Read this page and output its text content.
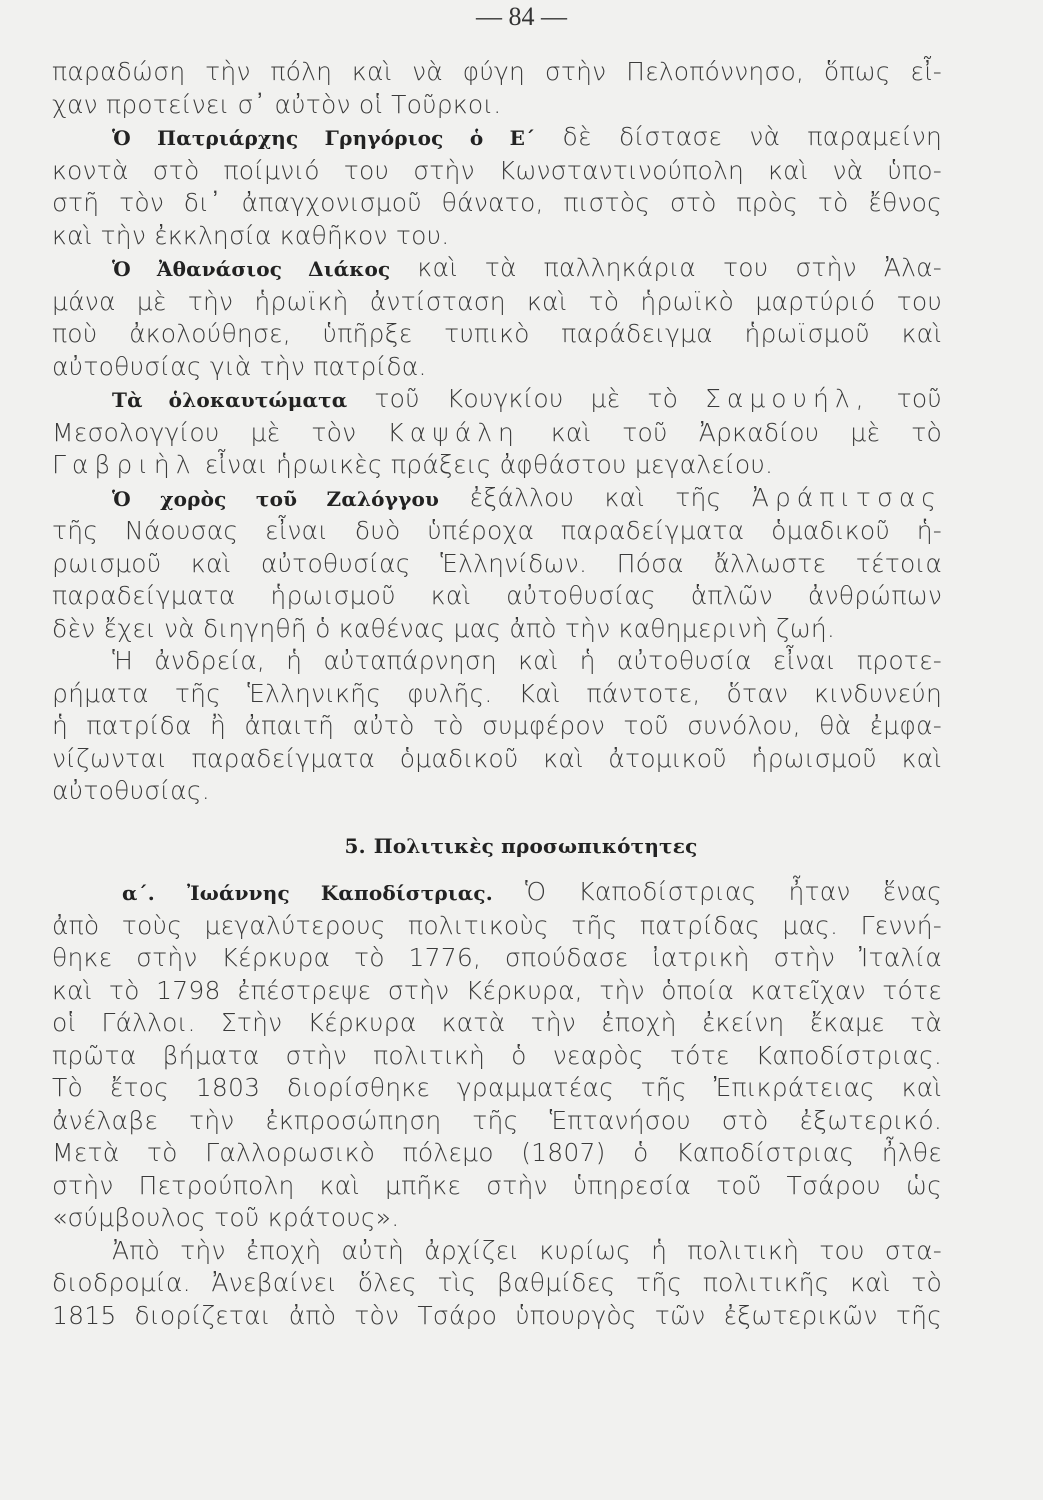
— 84 —
παραδώση τὴν πόλη καὶ νὰ φύγη στὴν Πελοπόννησο, ὅπως εἶ-
χαν προτείνει σ᾿ αὐτὸν οἱ Τοῦρκοι.
Ὁ Πατριάρχης Γρηγόριος ὁ Ε΄ δὲ δίστασε νὰ παραμείνη
κοντὰ στὸ ποίμνιό του στὴν Κωνσταντινούπολη καὶ νὰ ὑπο-
στῆ τὸν δι᾿ ἀπαγχονισμοῦ θάνατο, πιστὸς στὸ πρὸς τὸ ἔθνος
καὶ τὴν ἐκκλησία καθῆκον του.
Ὁ Ἀθανάσιος Διάκος καὶ τὰ παλληκάρια του στὴν Ἀλα-
μάνα μὲ τὴν ἡρωϊκὴ ἀντίσταση καὶ τὸ ἡρωϊκὸ μαρτύριό του
ποὺ ἀκολούθησε, ὑπῆρξε τυπικὸ παράδειγμα ἡρωϊσμοῦ καὶ
αὐτοθυσίας γιὰ τὴν πατρίδα.
Τὰ ὁλοκαυτώματα τοῦ Κουγκίου μὲ τὸ Σαμουήλ, τοῦ
Μεσολογγίου μὲ τὸν Καψάλη καὶ τοῦ Ἀρκαδίου μὲ τὸ
Γαβριὴλ εἶναι ἡρωικὲς πράξεις ἀφθάστου μεγαλείου.
Ὁ χορὸς τοῦ Ζαλόγγου ἐξάλλου καὶ τῆς Ἀράπιτσας
τῆς Νάουσας εἶναι δυὸ ὑπέροχα παραδείγματα ὁμαδικοῦ ἡ-
ρωισμοῦ καὶ αὐτοθυσίας Ἑλληνίδων. Πόσα ἄλλωστε τέτοια
παραδείγματα ἡρωισμοῦ καὶ αὐτοθυσίας ἁπλῶν ἀνθρώπων
δὲν ἔχει νὰ διηγηθῆ ὁ καθένας μας ἀπὸ τὴν καθημερινὴ ζωή.
Ἡ ἀνδρεία, ἡ αὐταπάρνηση καὶ ἡ αὐτοθυσία εἶναι προτε-
ρήματα τῆς Ἑλληνικῆς φυλῆς. Καὶ πάντοτε, ὅταν κινδυνεύη
ἡ πατρίδα ἢ ἀπαιτῆ αὐτὸ τὸ συμφέρον τοῦ συνόλου, θὰ ἐμφα-
νίζωνται παραδείγματα ὁμαδικοῦ καὶ ἀτομικοῦ ἡρωισμοῦ καὶ
αὐτοθυσίας.
5. Πολιτικὲς προσωπικότητες
α΄. Ἰωάννης Καποδίστριας. Ὁ Καποδίστριας ἦταν ἕνας
ἀπὸ τοὺς μεγαλύτερους πολιτικοὺς τῆς πατρίδας μας. Γεννή-
θηκε στὴν Κέρκυρα τὸ 1776, σπούδασε ἰατρικὴ στὴν Ἰταλία
καὶ τὸ 1798 ἐπέστρεψε στὴν Κέρκυρα, τὴν ὁποία κατεῖχαν τότε
οἱ Γάλλοι. Στὴν Κέρκυρα κατὰ τὴν ἐποχὴ ἐκείνη ἔκαμε τὰ
πρῶτα βήματα στὴν πολιτικὴ ὁ νεαρὸς τότε Καποδίστριας.
Τὸ ἔτος 1803 διορίσθηκε γραμματέας τῆς Ἐπικράτειας καὶ
ἀνέλαβε τὴν ἐκπροσώπηση τῆς Ἑπτανήσου στὸ ἐξωτερικό.
Μετὰ τὸ Γαλλορωσικὸ πόλεμο (1807) ὁ Καποδίστριας ἦλθε
στὴν Πετρούπολη καὶ μπῆκε στὴν ὑπηρεσία τοῦ Τσάρου ὡς
«σύμβουλος τοῦ κράτους».
Ἀπὸ τὴν ἐποχὴ αὐτὴ ἀρχίζει κυρίως ἡ πολιτικὴ του στα-
διοδρομία. Ἀνεβαίνει ὅλες τὶς βαθμίδες τῆς πολιτικῆς καὶ τὸ
1815 διορίζεται ἀπὸ τὸν Τσάρο ὑπουργὸς τῶν ἐξωτερικῶν τῆς
